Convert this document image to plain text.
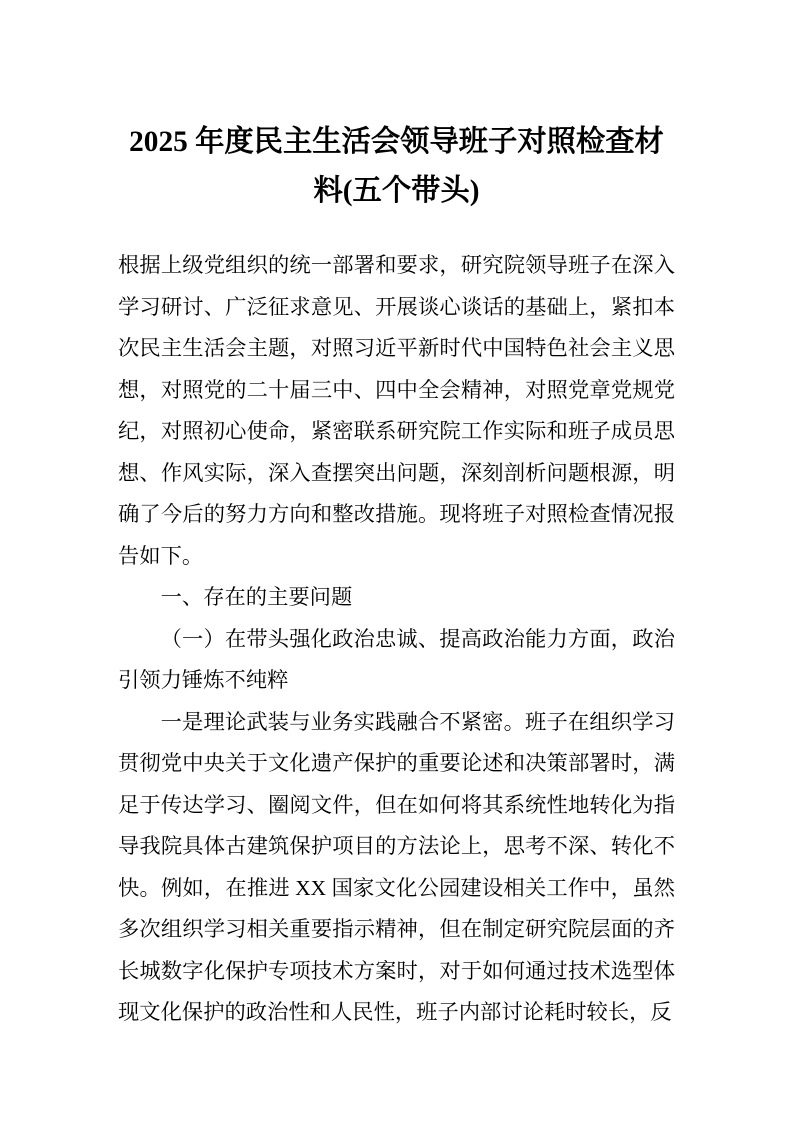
2025 年度民主生活会领导班子对照检查材料(五个带头)

根据上级党组织的统一部署和要求，研究院领导班子在深入学习研讨、广泛征求意见、开展谈心谈话的基础上，紧扣本次民主生活会主题，对照习近平新时代中国特色社会主义思想，对照党的二十届三中、四中全会精神，对照党章党规党纪，对照初心使命，紧密联系研究院工作实际和班子成员思想、作风实际，深入查摆突出问题，深刻剖析问题根源，明确了今后的努力方向和整改措施。现将班子对照检查情况报告如下。

一、存在的主要问题

（一）在带头强化政治忠诚、提高政治能力方面，政治引领力锤炼不纯粹

一是理论武装与业务实践融合不紧密。班子在组织学习贯彻党中央关于文化遗产保护的重要论述和决策部署时，满足于传达学习、圈阅文件，但在如何将其系统性地转化为指导我院具体古建筑保护项目的方法论上，思考不深、转化不快。例如，在推进 XX 国家文化公园建设相关工作中，虽然多次组织学习相关重要指示精神，但在制定研究院层面的齐长城数字化保护专项技术方案时，对于如何通过技术选型体现文化保护的政治性和人民性，班子内部讨论耗时较长，反
